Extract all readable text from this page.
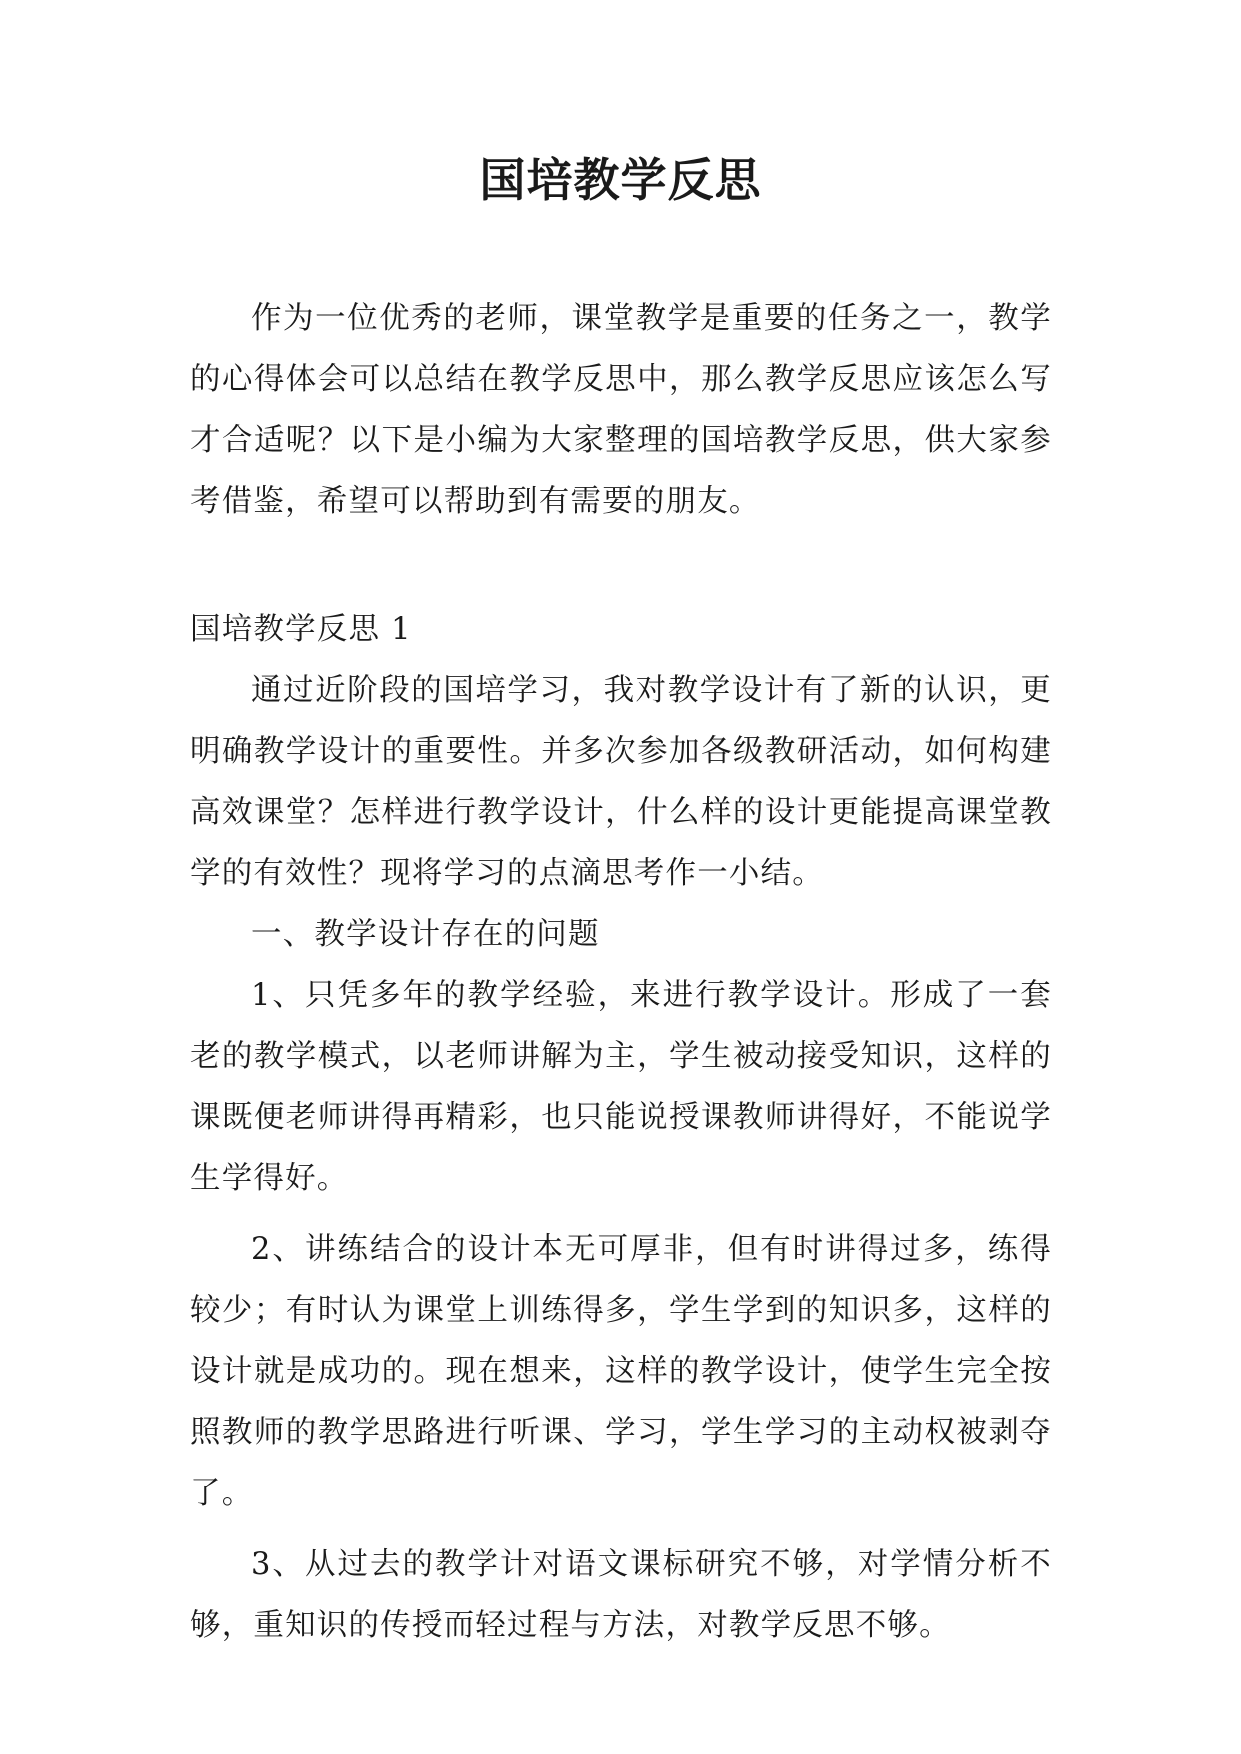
国培教学反思

作为一位优秀的老师，课堂教学是重要的任务之一，教学的心得体会可以总结在教学反思中，那么教学反思应该怎么写才合适呢？以下是小编为大家整理的国培教学反思，供大家参考借鉴，希望可以帮助到有需要的朋友。

国培教学反思 1

通过近阶段的国培学习，我对教学设计有了新的认识，更明确教学设计的重要性。并多次参加各级教研活动，如何构建高效课堂？怎样进行教学设计，什么样的设计更能提高课堂教学的有效性？现将学习的点滴思考作一小结。

一、教学设计存在的问题

1、只凭多年的教学经验，来进行教学设计。形成了一套老的教学模式，以老师讲解为主，学生被动接受知识，这样的课既便老师讲得再精彩，也只能说授课教师讲得好，不能说学生学得好。

2、讲练结合的设计本无可厚非，但有时讲得过多，练得较少；有时认为课堂上训练得多，学生学到的知识多，这样的设计就是成功的。现在想来，这样的教学设计，使学生完全按照教师的教学思路进行听课、学习，学生学习的主动权被剥夺了。

3、从过去的教学计对语文课标研究不够，对学情分析不够，重知识的传授而轻过程与方法，对教学反思不够。
